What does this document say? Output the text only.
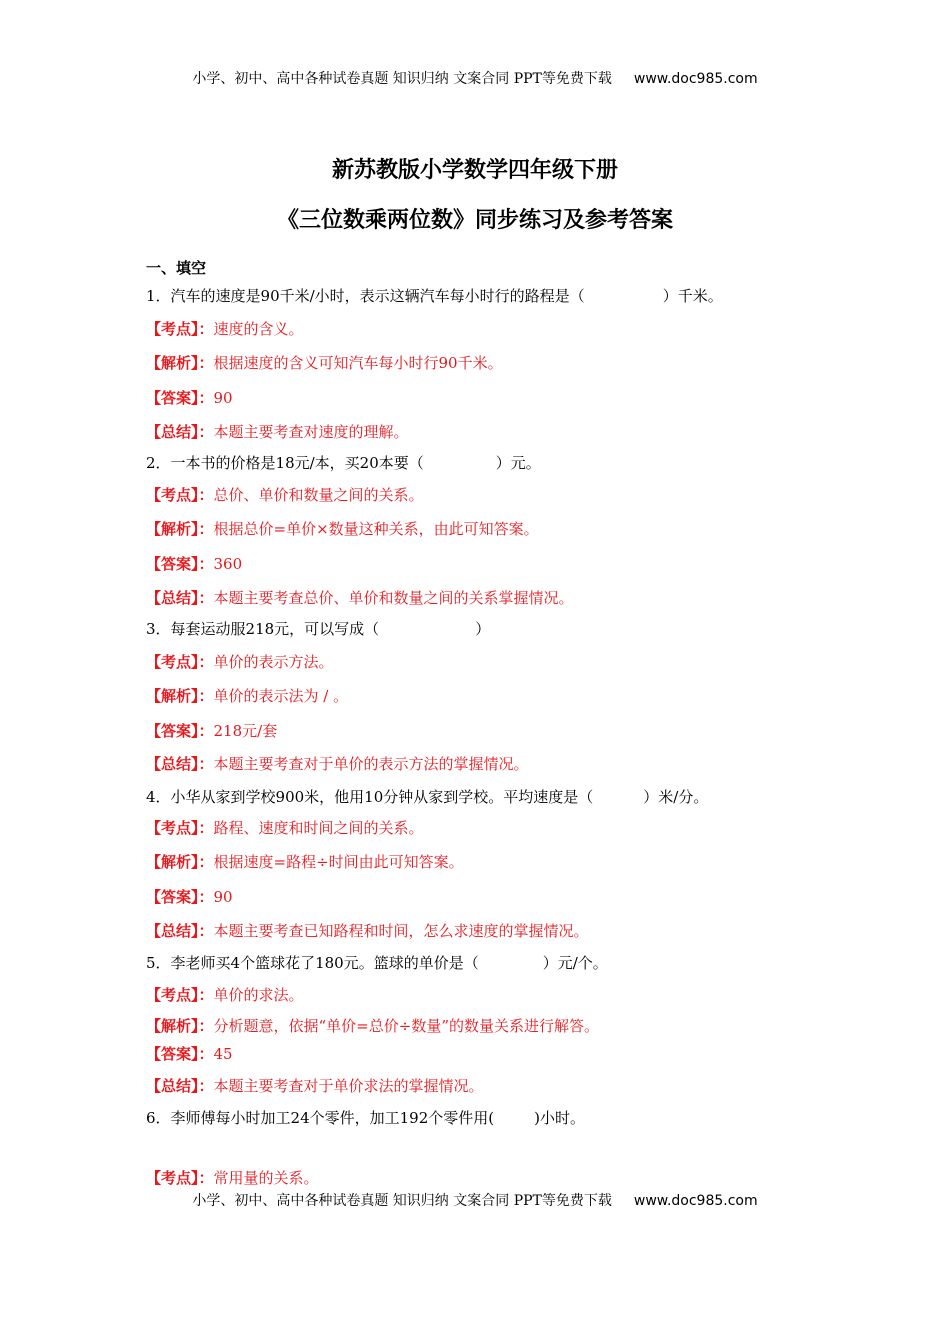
小学、初中、高中各种试卷真题 知识归纳 文案合同 PPT等免费下载 www.doc985.com
新苏教版小学数学四年级下册
《三位数乘两位数》同步练习及参考答案
一、填空
1．汽车的速度是90千米/小时，表示这辆汽车每小时行的路程是（	）千米。
【考点】：速度的含义。
【解析】：根据速度的含义可知汽车每小时行90千米。
【答案】：90
【总结】：本题主要考查对速度的理解。
2．一本书的价格是18元/本，买20本要（	）元。
【考点】：总价、单价和数量之间的关系。
【解析】：根据总价=单价×数量这种关系，由此可知答案。
【答案】：360
【总结】：本题主要考查总价、单价和数量之间的关系掌握情况。
3．每套运动服218元，可以写成（	）
【考点】：单价的表示方法。
【解析】：单价的表示法为 / 。
【答案】：218元/套
【总结】：本题主要考查对于单价的表示方法的掌握情况。
4．小华从家到学校900米，他用10分钟从家到学校。平均速度是（	）米/分。
【考点】：路程、速度和时间之间的关系。
【解析】：根据速度=路程÷时间由此可知答案。
【答案】：90
【总结】：本题主要考查已知路程和时间，怎么求速度的掌握情况。
5．李老师买4个篮球花了180元。篮球的单价是（	）元/个。
【考点】：单价的求法。
【解析】：分析题意，依据“单价=总价÷数量”的数量关系进行解答。
【答案】：45
【总结】：本题主要考查对于单价求法的掌握情况。
6．李师傅每小时加工24个零件，加工192个零件用(	)小时。
【考点】：常用量的关系。
小学、初中、高中各种试卷真题 知识归纳 文案合同 PPT等免费下载 www.doc985.com
